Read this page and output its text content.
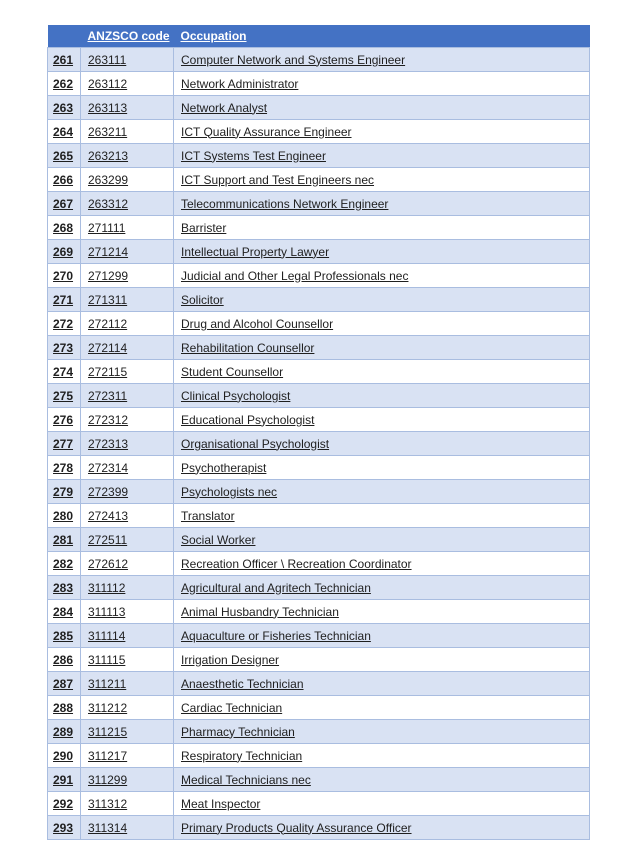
	ANZSCO code	Occupation
261	263111	Computer Network and Systems Engineer
262	263112	Network Administrator
263	263113	Network Analyst
264	263211	ICT Quality Assurance Engineer
265	263213	ICT Systems Test Engineer
266	263299	ICT Support and Test Engineers nec
267	263312	Telecommunications Network Engineer
268	271111	Barrister
269	271214	Intellectual Property Lawyer
270	271299	Judicial and Other Legal Professionals nec
271	271311	Solicitor
272	272112	Drug and Alcohol Counsellor
273	272114	Rehabilitation Counsellor
274	272115	Student Counsellor
275	272311	Clinical Psychologist
276	272312	Educational Psychologist
277	272313	Organisational Psychologist
278	272314	Psychotherapist
279	272399	Psychologists nec
280	272413	Translator
281	272511	Social Worker
282	272612	Recreation Officer \ Recreation Coordinator
283	311112	Agricultural and Agritech Technician
284	311113	Animal Husbandry Technician
285	311114	Aquaculture or Fisheries Technician
286	311115	Irrigation Designer
287	311211	Anaesthetic Technician
288	311212	Cardiac Technician
289	311215	Pharmacy Technician
290	311217	Respiratory Technician
291	311299	Medical Technicians nec
292	311312	Meat Inspector
293	311314	Primary Products Quality Assurance Officer
